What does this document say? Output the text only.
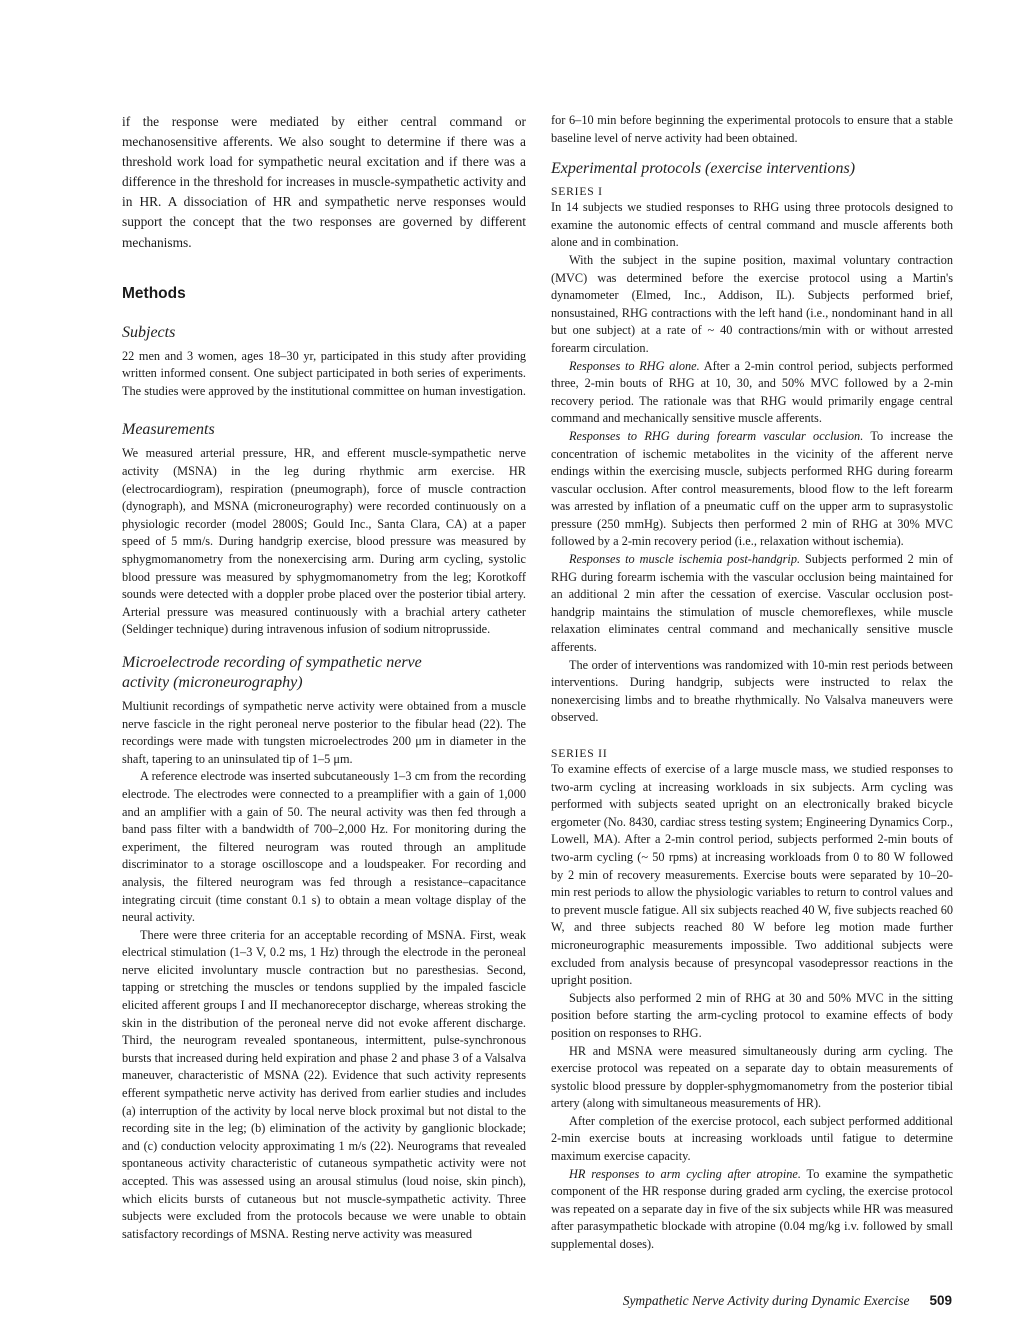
if the response were mediated by either central command or mechanosensitive afferents. We also sought to determine if there was a threshold work load for sympathetic neural excitation and if there was a difference in the threshold for increases in muscle-sympathetic activity and in HR. A dissociation of HR and sympathetic nerve responses would support the concept that the two responses are governed by different mechanisms.

Methods
Subjects

22 men and 3 women, ages 18–30 yr, participated in this study after providing written informed consent. One subject participated in both series of experiments. The studies were approved by the institutional committee on human investigation.

Measurements

We measured arterial pressure, HR, and efferent muscle-sympathetic nerve activity (MSNA) in the leg during rhythmic arm exercise. HR (electrocardiogram), respiration (pneumograph), force of muscle contraction (dynograph), and MSNA (microneurography) were recorded continuously on a physiologic recorder (model 2800S; Gould Inc., Santa Clara, CA) at a paper speed of 5 mm/s. During handgrip exercise, blood pressure was measured by sphygmomanometry from the nonexercising arm. During arm cycling, systolic blood pressure was measured by sphygmomanometry from the leg; Korotkoff sounds were detected with a doppler probe placed over the posterior tibial artery. Arterial pressure was measured continuously with a brachial artery catheter (Seldinger technique) during intravenous infusion of sodium nitroprusside.

Microelectrode recording of sympathetic nerve
activity (microneurography)

Multiunit recordings of sympathetic nerve activity were obtained from a muscle nerve fascicle in the right peroneal nerve posterior to the fibular head (22). The recordings were made with tungsten microelectrodes 200 μm in diameter in the shaft, tapering to an uninsulated tip of 1–5 μm.

A reference electrode was inserted subcutaneously 1–3 cm from the recording electrode. The electrodes were connected to a preamplifier with a gain of 1,000 and an amplifier with a gain of 50. The neural activity was then fed through a band pass filter with a bandwidth of 700–2,000 Hz. For monitoring during the experiment, the filtered neurogram was routed through an amplitude discriminator to a storage oscilloscope and a loudspeaker. For recording and analysis, the filtered neurogram was fed through a resistance–capacitance integrating circuit (time constant 0.1 s) to obtain a mean voltage display of the neural activity.

There were three criteria for an acceptable recording of MSNA. First, weak electrical stimulation (1–3 V, 0.2 ms, 1 Hz) through the electrode in the peroneal nerve elicited involuntary muscle contraction but no paresthesias. Second, tapping or stretching the muscles or tendons supplied by the impaled fascicle elicited afferent groups I and II mechanoreceptor discharge, whereas stroking the skin in the distribution of the peroneal nerve did not evoke afferent discharge. Third, the neurogram revealed spontaneous, intermittent, pulse-synchronous bursts that increased during held expiration and phase 2 and phase 3 of a Valsalva maneuver, characteristic of MSNA (22). Evidence that such activity represents efferent sympathetic nerve activity has derived from earlier studies and includes (a) interruption of the activity by local nerve block proximal but not distal to the recording site in the leg; (b) elimination of the activity by ganglionic blockade; and (c) conduction velocity approximating 1 m/s (22). Neurograms that revealed spontaneous activity characteristic of cutaneous sympathetic activity were not accepted. This was assessed using an arousal stimulus (loud noise, skin pinch), which elicits bursts of cutaneous but not muscle-sympathetic activity. Three subjects were excluded from the protocols because we were unable to obtain satisfactory recordings of MSNA. Resting nerve activity was measured

for 6–10 min before beginning the experimental protocols to ensure that a stable baseline level of nerve activity had been obtained.

Experimental protocols (exercise interventions)
SERIES I

In 14 subjects we studied responses to RHG using three protocols designed to examine the autonomic effects of central command and muscle afferents both alone and in combination.

With the subject in the supine position, maximal voluntary contraction (MVC) was determined before the exercise protocol using a Martin's dynamometer (Elmed, Inc., Addison, IL). Subjects performed brief, nonsustained, RHG contractions with the left hand (i.e., nondominant hand in all but one subject) at a rate of ~ 40 contractions/min with or without arrested forearm circulation.

Responses to RHG alone. After a 2-min control period, subjects performed three, 2-min bouts of RHG at 10, 30, and 50% MVC followed by a 2-min recovery period. The rationale was that RHG would primarily engage central command and mechanically sensitive muscle afferents.

Responses to RHG during forearm vascular occlusion. To increase the concentration of ischemic metabolites in the vicinity of the afferent nerve endings within the exercising muscle, subjects performed RHG during forearm vascular occlusion. After control measurements, blood flow to the left forearm was arrested by inflation of a pneumatic cuff on the upper arm to suprasystolic pressure (250 mmHg). Subjects then performed 2 min of RHG at 30% MVC followed by a 2-min recovery period (i.e., relaxation without ischemia).

Responses to muscle ischemia post-handgrip. Subjects performed 2 min of RHG during forearm ischemia with the vascular occlusion being maintained for an additional 2 min after the cessation of exercise. Vascular occlusion post-handgrip maintains the stimulation of muscle chemoreflexes, while muscle relaxation eliminates central command and mechanically sensitive muscle afferents.

The order of interventions was randomized with 10-min rest periods between interventions. During handgrip, subjects were instructed to relax the nonexercising limbs and to breathe rhythmically. No Valsalva maneuvers were observed.

SERIES II

To examine effects of exercise of a large muscle mass, we studied responses to two-arm cycling at increasing workloads in six subjects. Arm cycling was performed with subjects seated upright on an electronically braked bicycle ergometer (No. 8430, cardiac stress testing system; Engineering Dynamics Corp., Lowell, MA). After a 2-min control period, subjects performed 2-min bouts of two-arm cycling (~ 50 rpms) at increasing workloads from 0 to 80 W followed by 2 min of recovery measurements. Exercise bouts were separated by 10–20-min rest periods to allow the physiologic variables to return to control values and to prevent muscle fatigue. All six subjects reached 40 W, five subjects reached 60 W, and three subjects reached 80 W before leg motion made further microneurographic measurements impossible. Two additional subjects were excluded from analysis because of presyncopal vasodepressor reactions in the upright position.

Subjects also performed 2 min of RHG at 30 and 50% MVC in the sitting position before starting the arm-cycling protocol to examine effects of body position on responses to RHG.

HR and MSNA were measured simultaneously during arm cycling. The exercise protocol was repeated on a separate day to obtain measurements of systolic blood pressure by doppler-sphygmomanometry from the posterior tibial artery (along with simultaneous measurements of HR).

After completion of the exercise protocol, each subject performed additional 2-min exercise bouts at increasing workloads until fatigue to determine maximum exercise capacity.

HR responses to arm cycling after atropine. To examine the sympathetic component of the HR response during graded arm cycling, the exercise protocol was repeated on a separate day in five of the six subjects while HR was measured after parasympathetic blockade with atropine (0.04 mg/kg i.v. followed by small supplemental doses).

Sympathetic Nerve Activity during Dynamic Exercise 509
